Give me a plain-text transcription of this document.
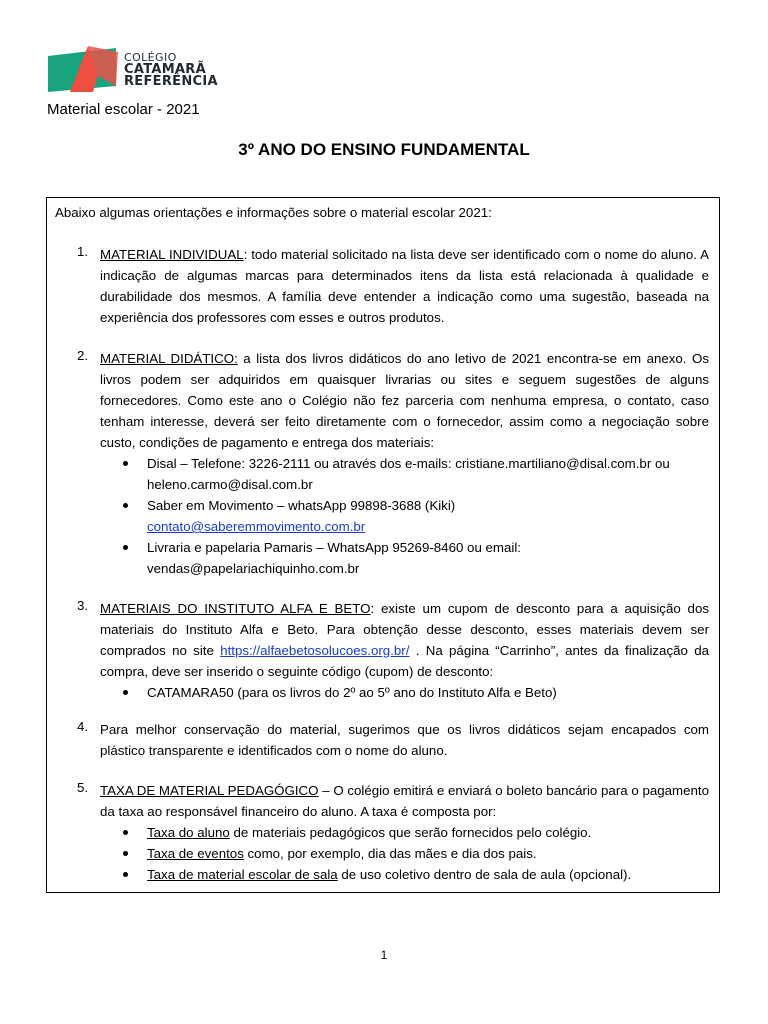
COLÉGIO
CATAMARÃ
REFERÊNCIA
Material escolar - 2021
3º ANO DO ENSINO FUNDAMENTAL
Abaixo algumas orientações e informações sobre o material escolar 2021:
1. MATERIAL INDIVIDUAL: todo material solicitado na lista deve ser identificado com o nome do aluno. A indicação de algumas marcas para determinados itens da lista está relacionada à qualidade e durabilidade dos mesmos. A família deve entender a indicação como uma sugestão, baseada na experiência dos professores com esses e outros produtos.
2. MATERIAL DIDÁTICO: a lista dos livros didáticos do ano letivo de 2021 encontra-se em anexo. Os livros podem ser adquiridos em quaisquer livrarias ou sites e seguem sugestões de alguns fornecedores. Como este ano o Colégio não fez parceria com nenhuma empresa, o contato, caso tenham interesse, deverá ser feito diretamente com o fornecedor, assim como a negociação sobre custo, condições de pagamento e entrega dos materiais:
Disal – Telefone: 3226-2111 ou através dos e-mails: cristiane.martiliano@disal.com.br ou heleno.carmo@disal.com.br
Saber em Movimento – whatsApp 99898-3688 (Kiki)
contato@saberemmovimento.com.br
Livraria e papelaria Pamaris – WhatsApp 95269-8460 ou email: vendas@papelariachiquinho.com.br
3. MATERIAIS DO INSTITUTO ALFA E BETO: existe um cupom de desconto para a aquisição dos materiais do Instituto Alfa e Beto. Para obtenção desse desconto, esses materiais devem ser comprados no site https://alfaebetosolucoes.org.br/ . Na página “Carrinho”, antes da finalização da compra, deve ser inserido o seguinte código (cupom) de desconto:
CATAMARA50 (para os livros do 2º ao 5º ano do Instituto Alfa e Beto)
4. Para melhor conservação do material, sugerimos que os livros didáticos sejam encapados com plástico transparente e identificados com o nome do aluno.
5. TAXA DE MATERIAL PEDAGÓGICO – O colégio emitirá e enviará o boleto bancário para o pagamento da taxa ao responsável financeiro do aluno. A taxa é composta por:
Taxa do aluno de materiais pedagógicos que serão fornecidos pelo colégio.
Taxa de eventos como, por exemplo, dia das mães e dia dos pais.
Taxa de material escolar de sala de uso coletivo dentro de sala de aula (opcional).
1
